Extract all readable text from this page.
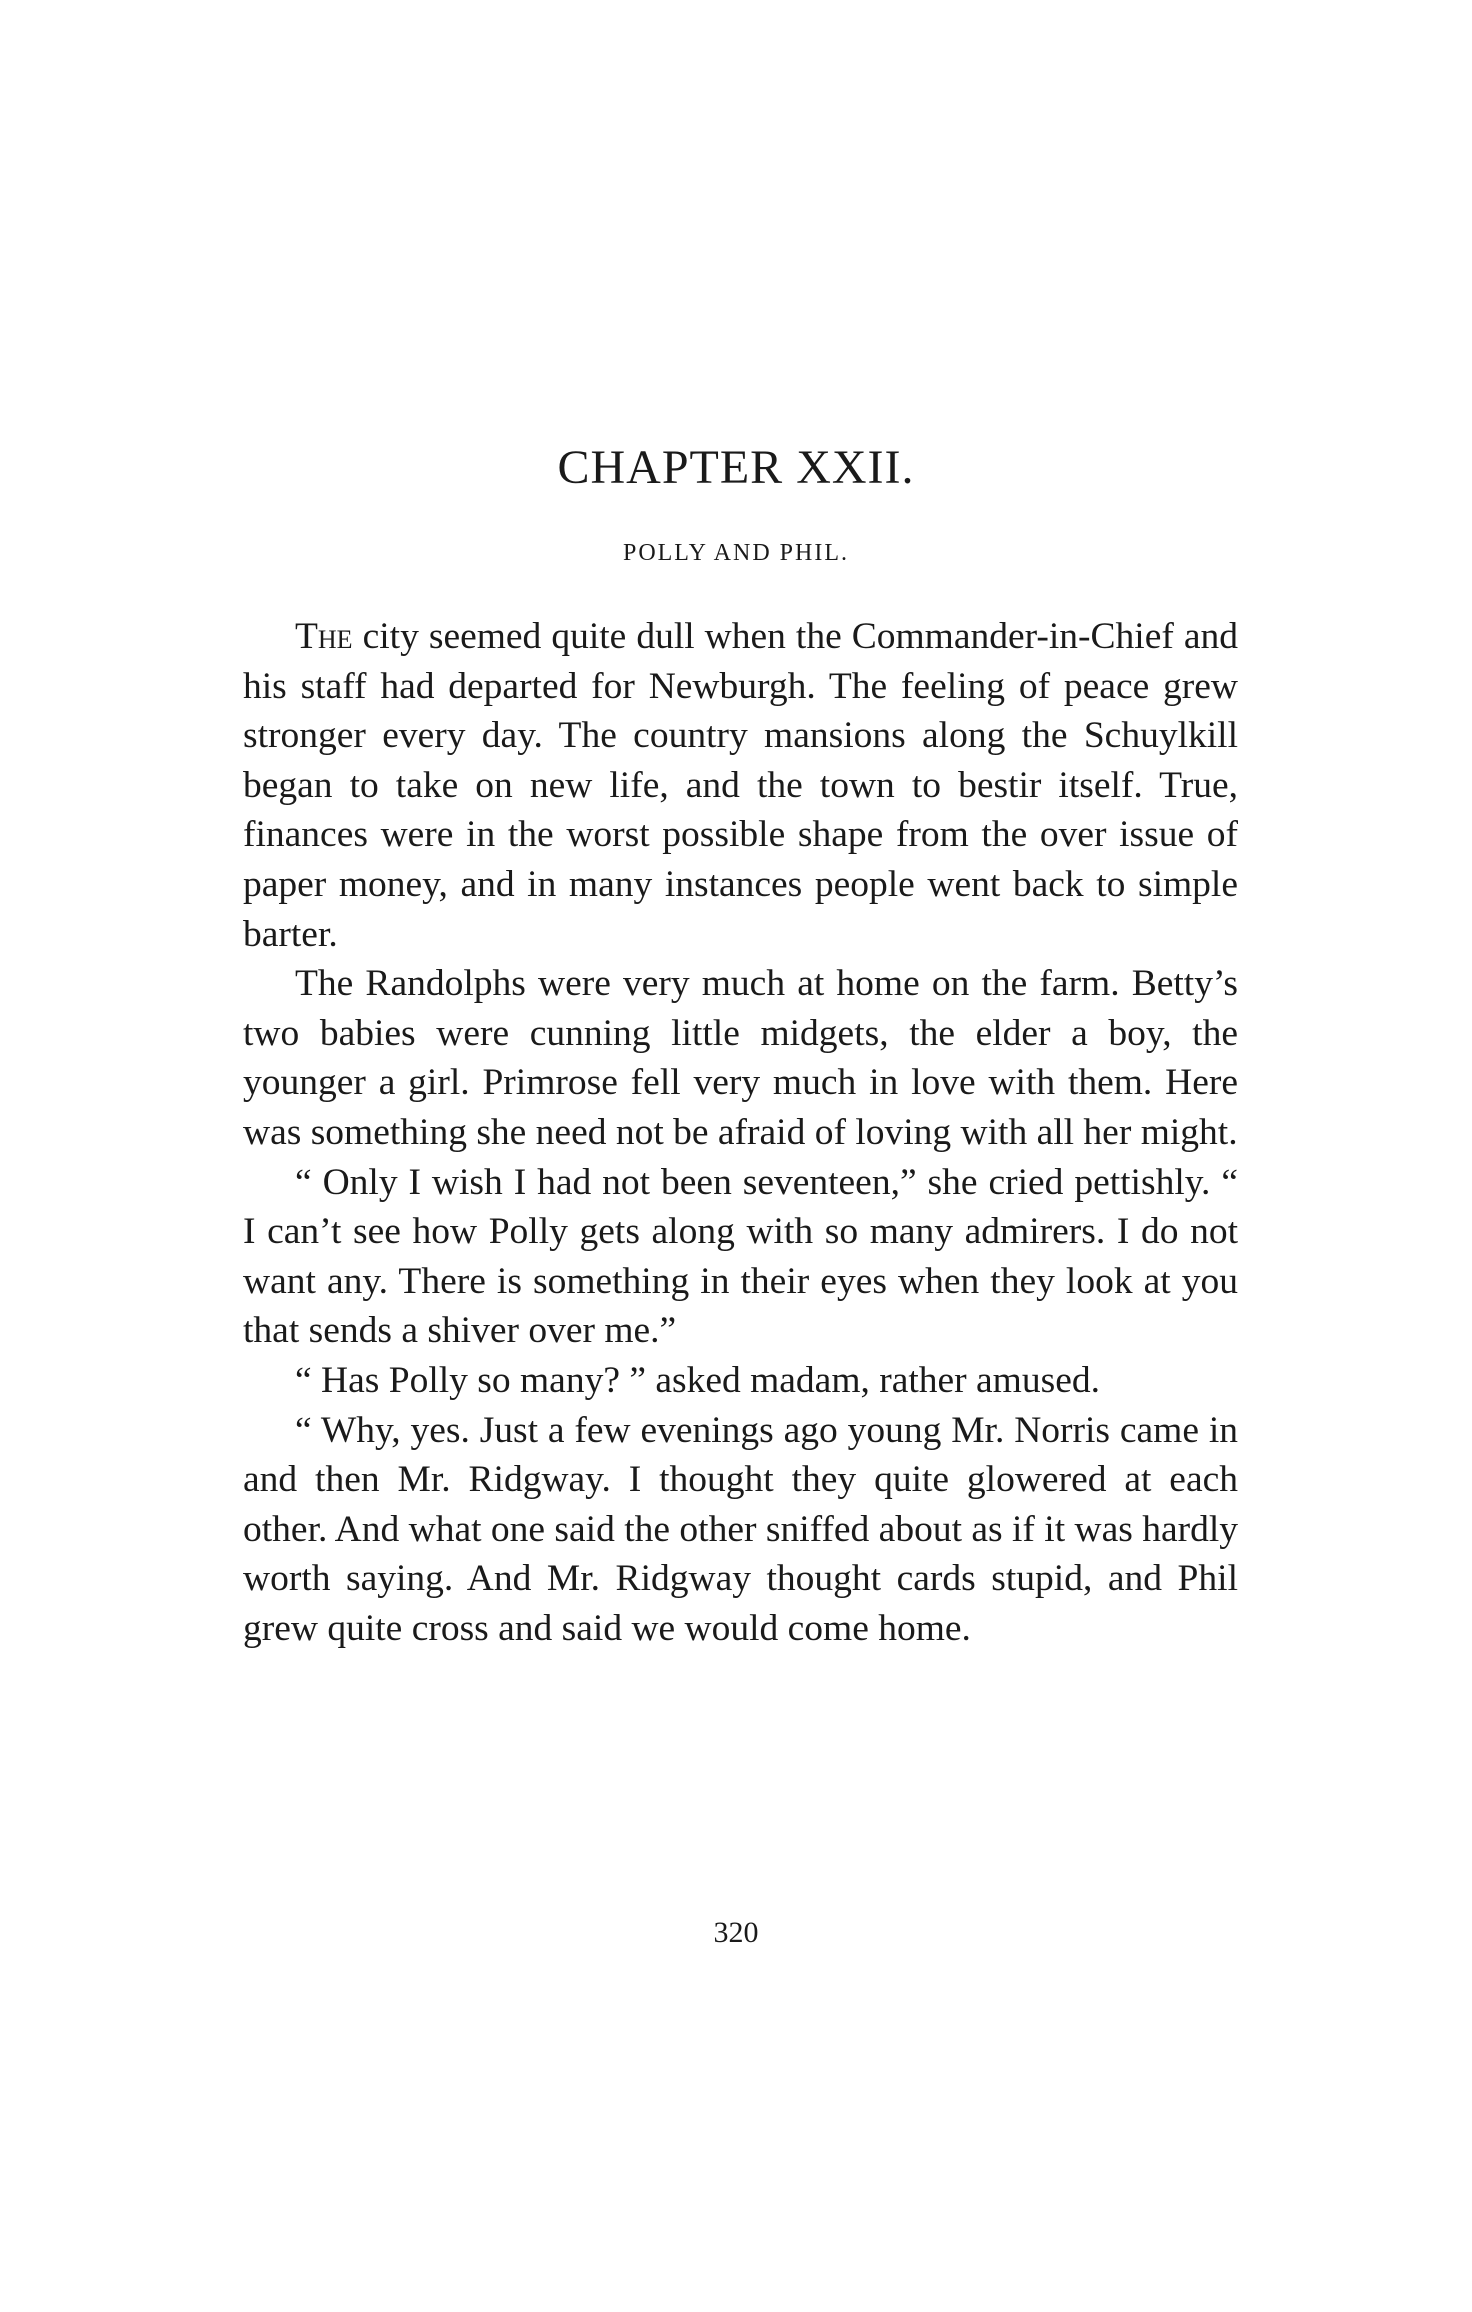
CHAPTER XXII.
POLLY AND PHIL.

The city seemed quite dull when the Commander-in-Chief and his staff had departed for Newburgh. The feeling of peace grew stronger every day. The country mansions along the Schuylkill began to take on new life, and the town to bestir itself. True, finances were in the worst possible shape from the over issue of paper money, and in many instances people went back to simple barter.

The Randolphs were very much at home on the farm. Betty’s two babies were cunning little midgets, the elder a boy, the younger a girl. Primrose fell very much in love with them. Here was something she need not be afraid of loving with all her might.

“ Only I wish I had not been seventeen,” she cried pettishly. “ I can’t see how Polly gets along with so many admirers. I do not want any. There is something in their eyes when they look at you that sends a shiver over me.”

“ Has Polly so many? ” asked madam, rather amused.

“ Why, yes. Just a few evenings ago young Mr. Norris came in and then Mr. Ridgway. I thought they quite glowered at each other. And what one said the other sniffed about as if it was hardly worth saying. And Mr. Ridgway thought cards stupid, and Phil grew quite cross and said we would come home.

320
